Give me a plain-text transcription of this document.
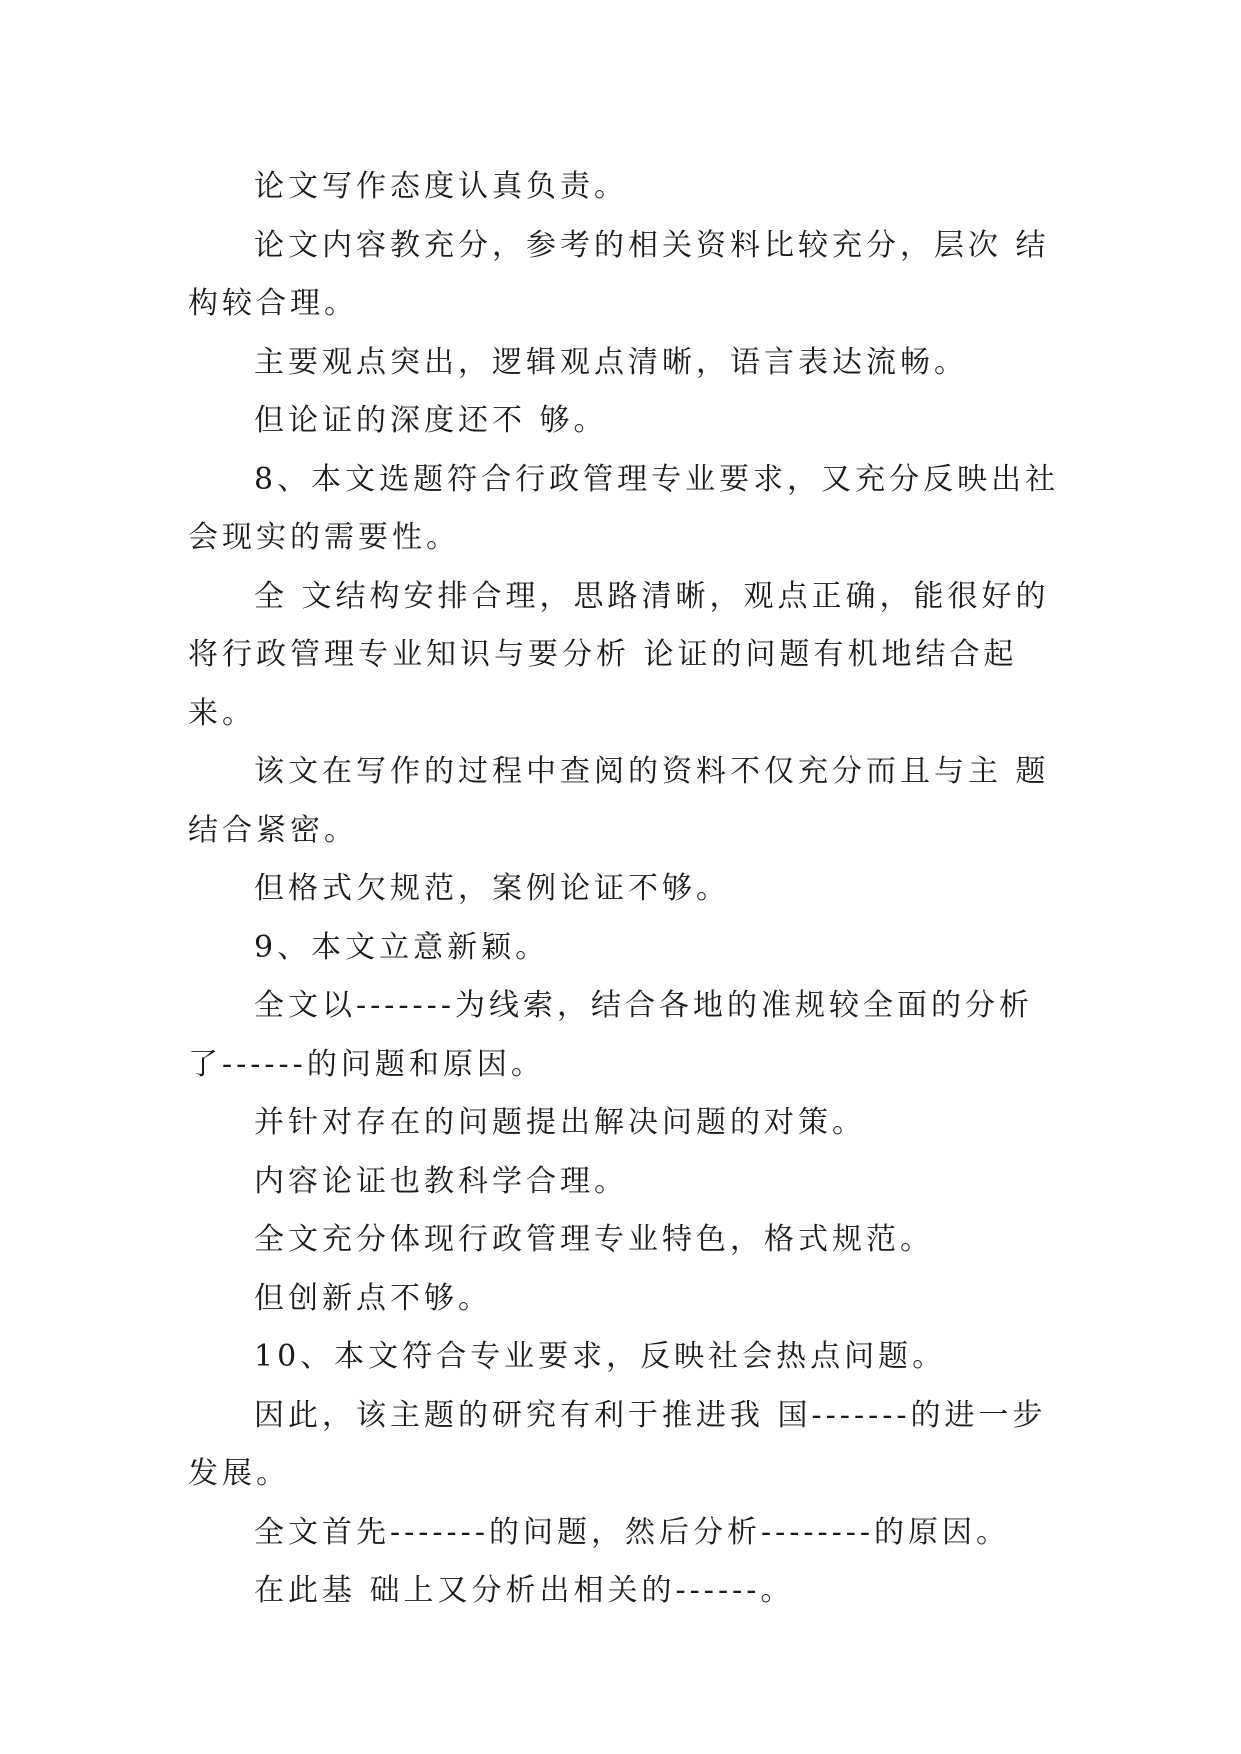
论文写作态度认真负责。

论文内容教充分，参考的相关资料比较充分，层次 结构较合理。

主要观点突出，逻辑观点清晰，语言表达流畅。

但论证的深度还不 够。

8、本文选题符合行政管理专业要求，又充分反映出社会现实的需要性。

全 文结构安排合理，思路清晰，观点正确，能很好的将行政管理专业知识与要分析 论证的问题有机地结合起来。

该文在写作的过程中查阅的资料不仅充分而且与主 题结合紧密。

但格式欠规范，案例论证不够。

9、本文立意新颖。

全文以-------为线索，结合各地的准规较全面的分析了------的问题和原因。

并针对存在的问题提出解决问题的对策。

内容论证也教科学合理。

全文充分体现行政管理专业特色，格式规范。

但创新点不够。

10、本文符合专业要求，反映社会热点问题。

因此，该主题的研究有利于推进我 国-------的进一步发展。

全文首先-------的问题，然后分析--------的原因。

在此基 础上又分析出相关的------。
